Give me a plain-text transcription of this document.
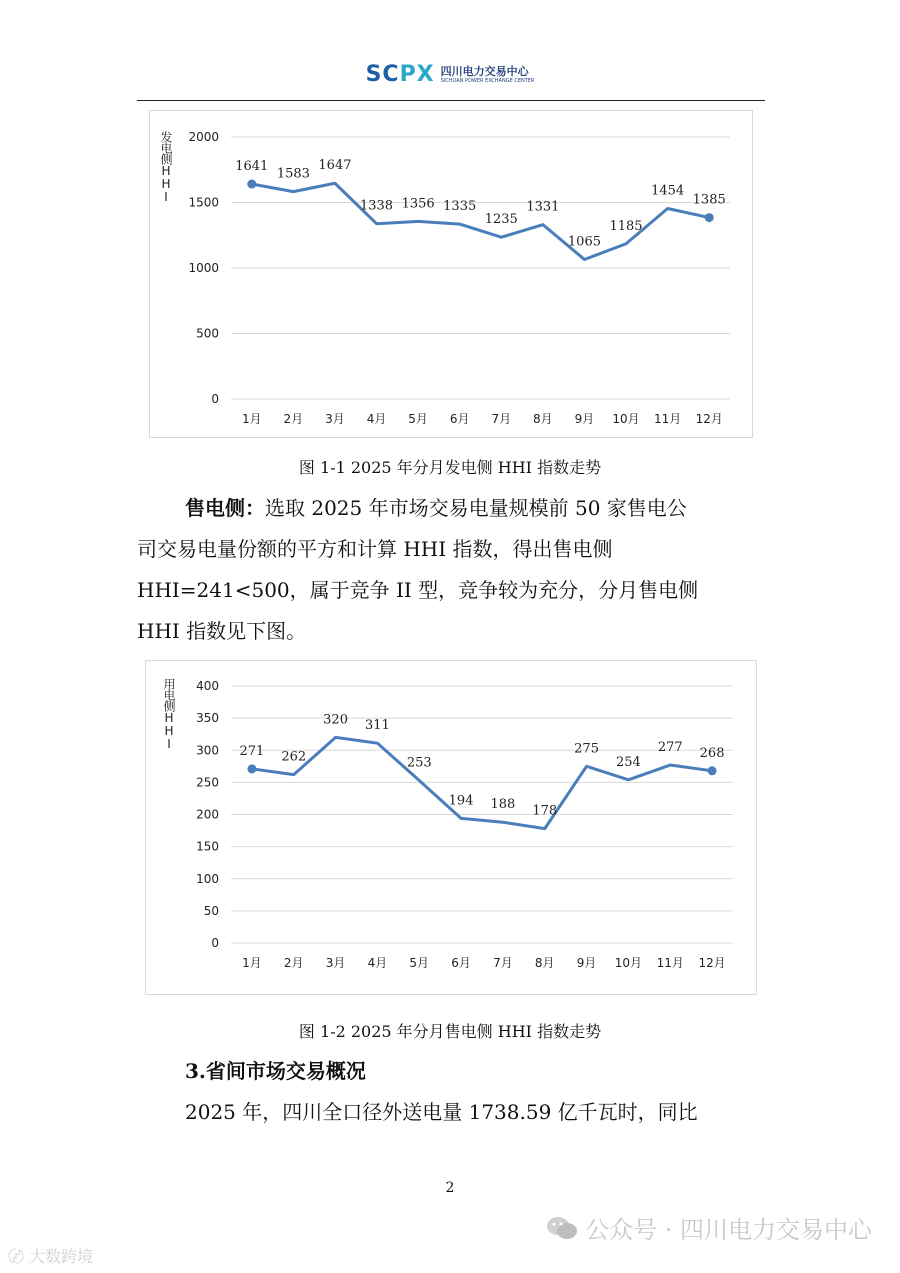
SCPX 四川电力交易中心
SICHUAN POWER EXCHANGE CENTER
0
500
1000
1500
2000
1月 2月 3月 4月 5月 6月 7月 8月 9月 10月 11月 12月
1641
1583
1647
1338 1356 1335
1235
1331
1065
1185
1454
1385
发电侧HHI
图 1-1 2025 年分月发电侧 HHI 指数走势
售电侧：选取 2025 年市场交易电量规模前 50 家售电公
司交易电量份额的平方和计算 HHI 指数，得出售电侧
HHI=241<500，属于竞争 II 型，竞争较为充分，分月售电侧
HHI 指数见下图。
0
50
100
150
200
250
300
350
400
1月 2月 3月 4月 5月 6月 7月 8月 9月 10月 11月 12月
271 262
320 311
253
194 188 178
275
254
277 268
用电侧HHI
图 1-2 2025 年分月售电侧 HHI 指数走势
3.省间市场交易概况
2025 年，四川全口径外送电量 1738.59 亿千瓦时，同比
2
公众号 · 四川电力交易中心
〄 大数跨境
